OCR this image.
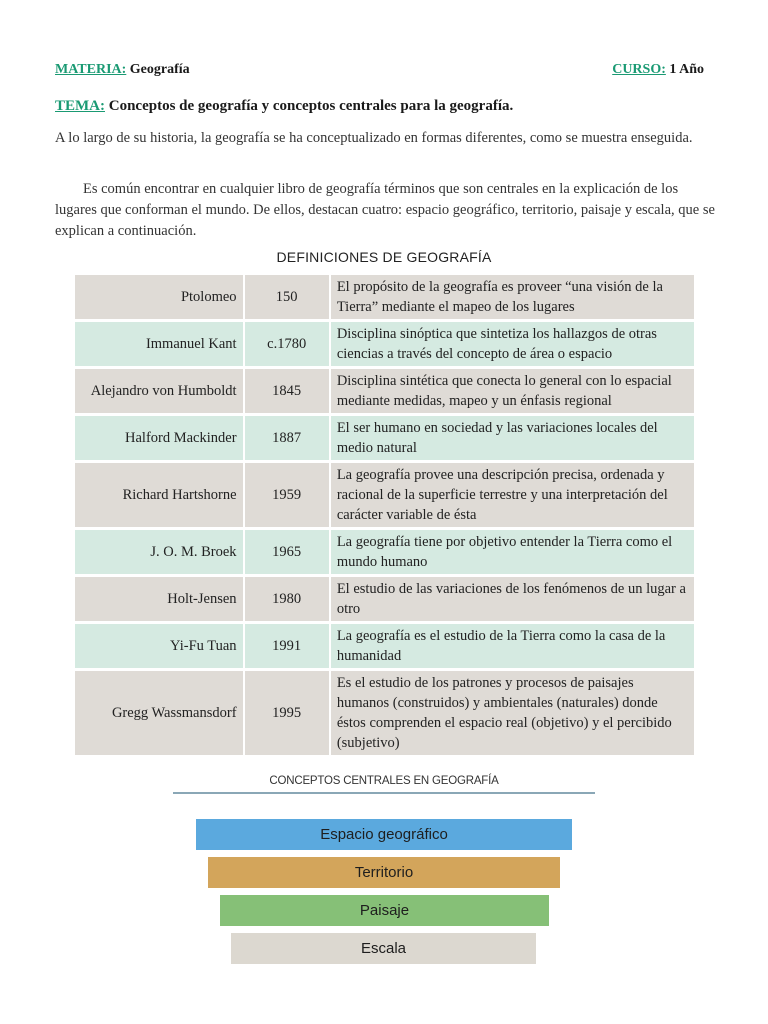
MATERIA: Geografía	CURSO: 1 Año
TEMA: Conceptos de geografía y conceptos centrales para la geografía.

A lo largo de su historia, la geografía se ha conceptualizado en formas diferentes, como se muestra enseguida.

Es común encontrar en cualquier libro de geografía términos que son centrales en la explicación de los lugares que conforman el mundo. De ellos, destacan cuatro: espacio geográfico, territorio, paisaje y escala, que se explican a continuación.

DEFINICIONES DE GEOGRAFÍA
Ptolomeo	150	El propósito de la geografía es proveer “una visión de la Tierra” mediante el mapeo de los lugares
Immanuel Kant	c.1780	Disciplina sinóptica que sintetiza los hallazgos de otras ciencias a través del concepto de área o espacio
Alejandro von Humboldt	1845	Disciplina sintética que conecta lo general con lo espacial mediante medidas, mapeo y un énfasis regional
Halford Mackinder	1887	El ser humano en sociedad y las variaciones locales del medio natural
Richard Hartshorne	1959	La geografía provee una descripción precisa, ordenada y racional de la superficie terrestre y una interpretación del carácter variable de ésta
J. O. M. Broek	1965	La geografía tiene por objetivo entender la Tierra como el mundo humano
Holt-Jensen	1980	El estudio de las variaciones de los fenómenos de un lugar a otro
Yi-Fu Tuan	1991	La geografía es el estudio de la Tierra como la casa de la humanidad
Gregg Wassmansdorf	1995	Es el estudio de los patrones y procesos de paisajes humanos (construidos) y ambientales (naturales) donde éstos comprenden el espacio real (objetivo) y el percibido (subjetivo)
CONCEPTOS CENTRALES EN GEOGRAFÍA
Espacio geográfico
Territorio
Paisaje
Escala
